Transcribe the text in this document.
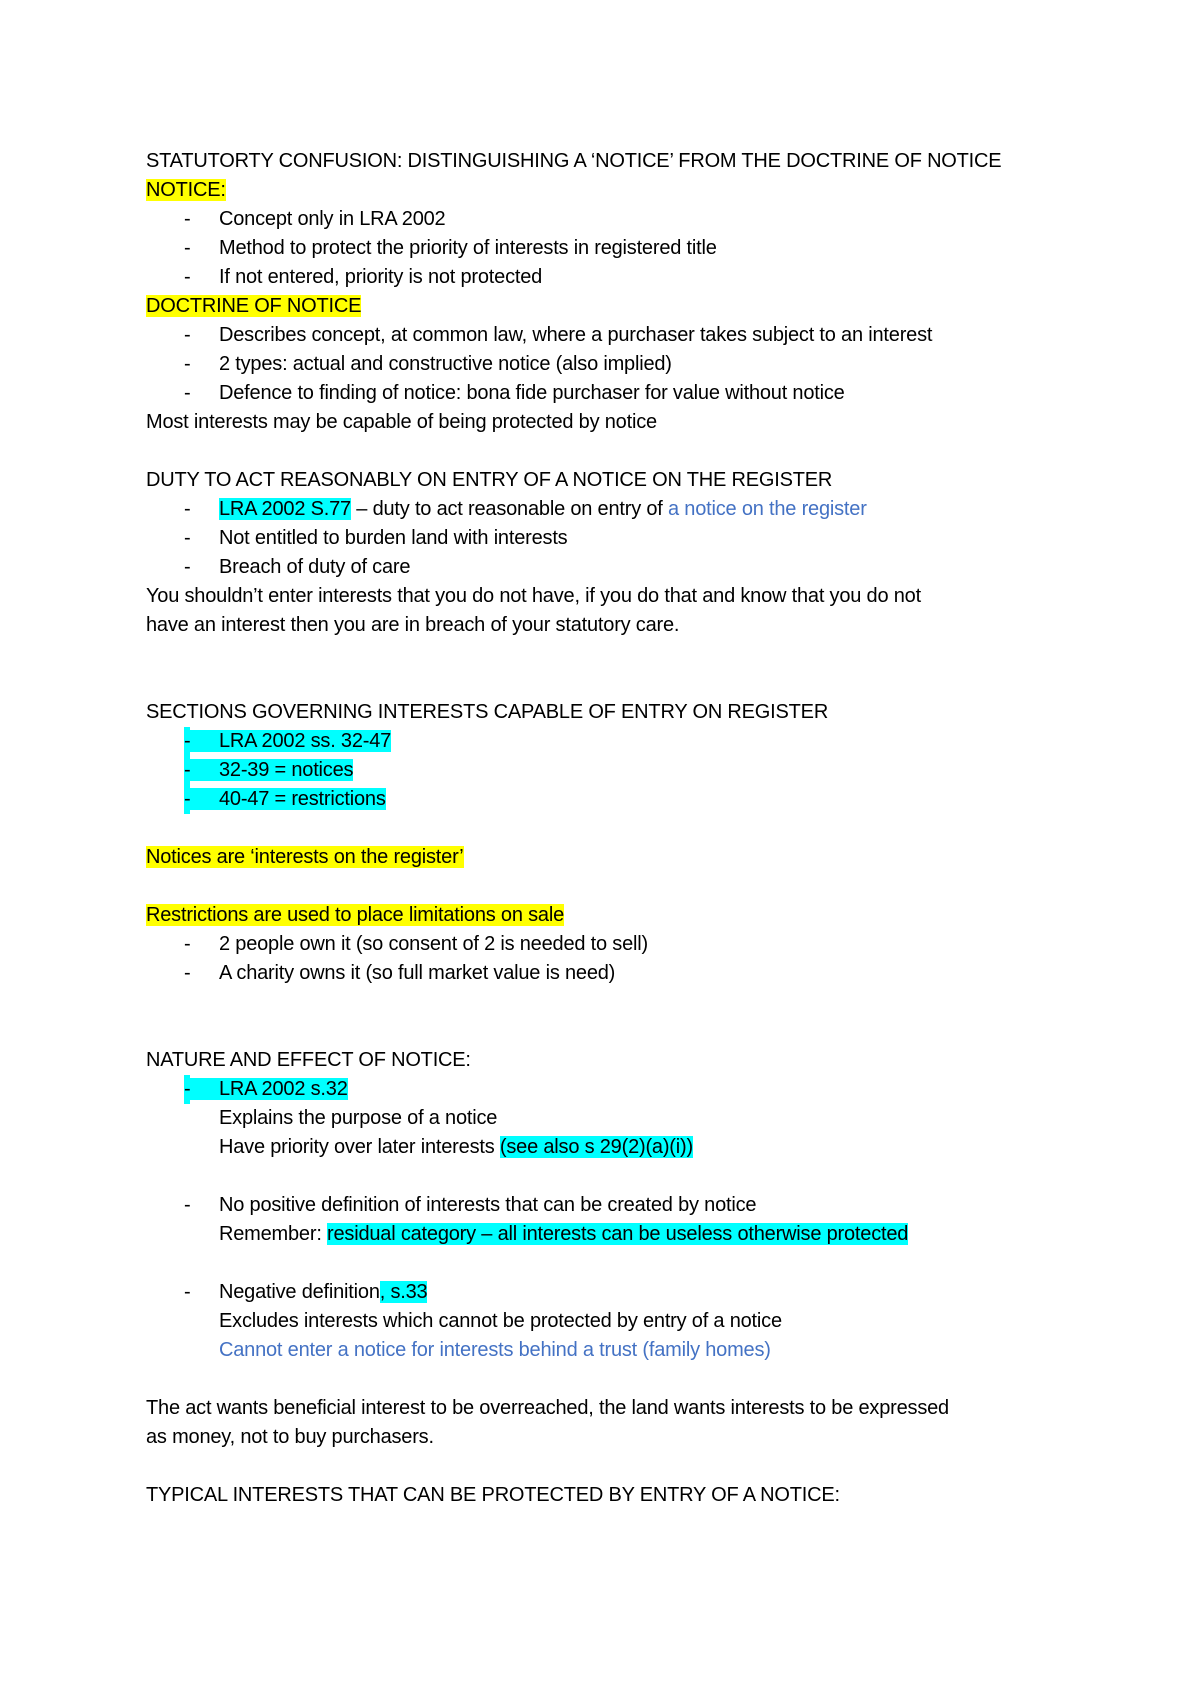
STATUTORTY CONFUSION: DISTINGUISHING A ‘NOTICE’ FROM THE DOCTRINE OF NOTICE
NOTICE:
- Concept only in LRA 2002
- Method to protect the priority of interests in registered title
- If not entered, priority is not protected
DOCTRINE OF NOTICE
- Describes concept, at common law, where a purchaser takes subject to an interest
- 2 types: actual and constructive notice (also implied)
- Defence to finding of notice: bona fide purchaser for value without notice
Most interests may be capable of being protected by notice
DUTY TO ACT REASONABLY ON ENTRY OF A NOTICE ON THE REGISTER
- LRA 2002 S.77 – duty to act reasonable on entry of a notice on the register
- Not entitled to burden land with interests
- Breach of duty of care
You shouldn’t enter interests that you do not have, if you do that and know that you do not
have an interest then you are in breach of your statutory care.
SECTIONS GOVERNING INTERESTS CAPABLE OF ENTRY ON REGISTER
- LRA 2002 ss. 32-47
- 32-39 = notices
- 40-47 = restrictions
Notices are ‘interests on the register’
Restrictions are used to place limitations on sale
- 2 people own it (so consent of 2 is needed to sell)
- A charity owns it (so full market value is need)
NATURE AND EFFECT OF NOTICE:
- LRA 2002 s.32
Explains the purpose of a notice
Have priority over later interests (see also s 29(2)(a)(i))
- No positive definition of interests that can be created by notice
Remember: residual category – all interests can be useless otherwise protected
- Negative definition, s.33
Excludes interests which cannot be protected by entry of a notice
Cannot enter a notice for interests behind a trust (family homes)
The act wants beneficial interest to be overreached, the land wants interests to be expressed
as money, not to buy purchasers.
TYPICAL INTERESTS THAT CAN BE PROTECTED BY ENTRY OF A NOTICE:
